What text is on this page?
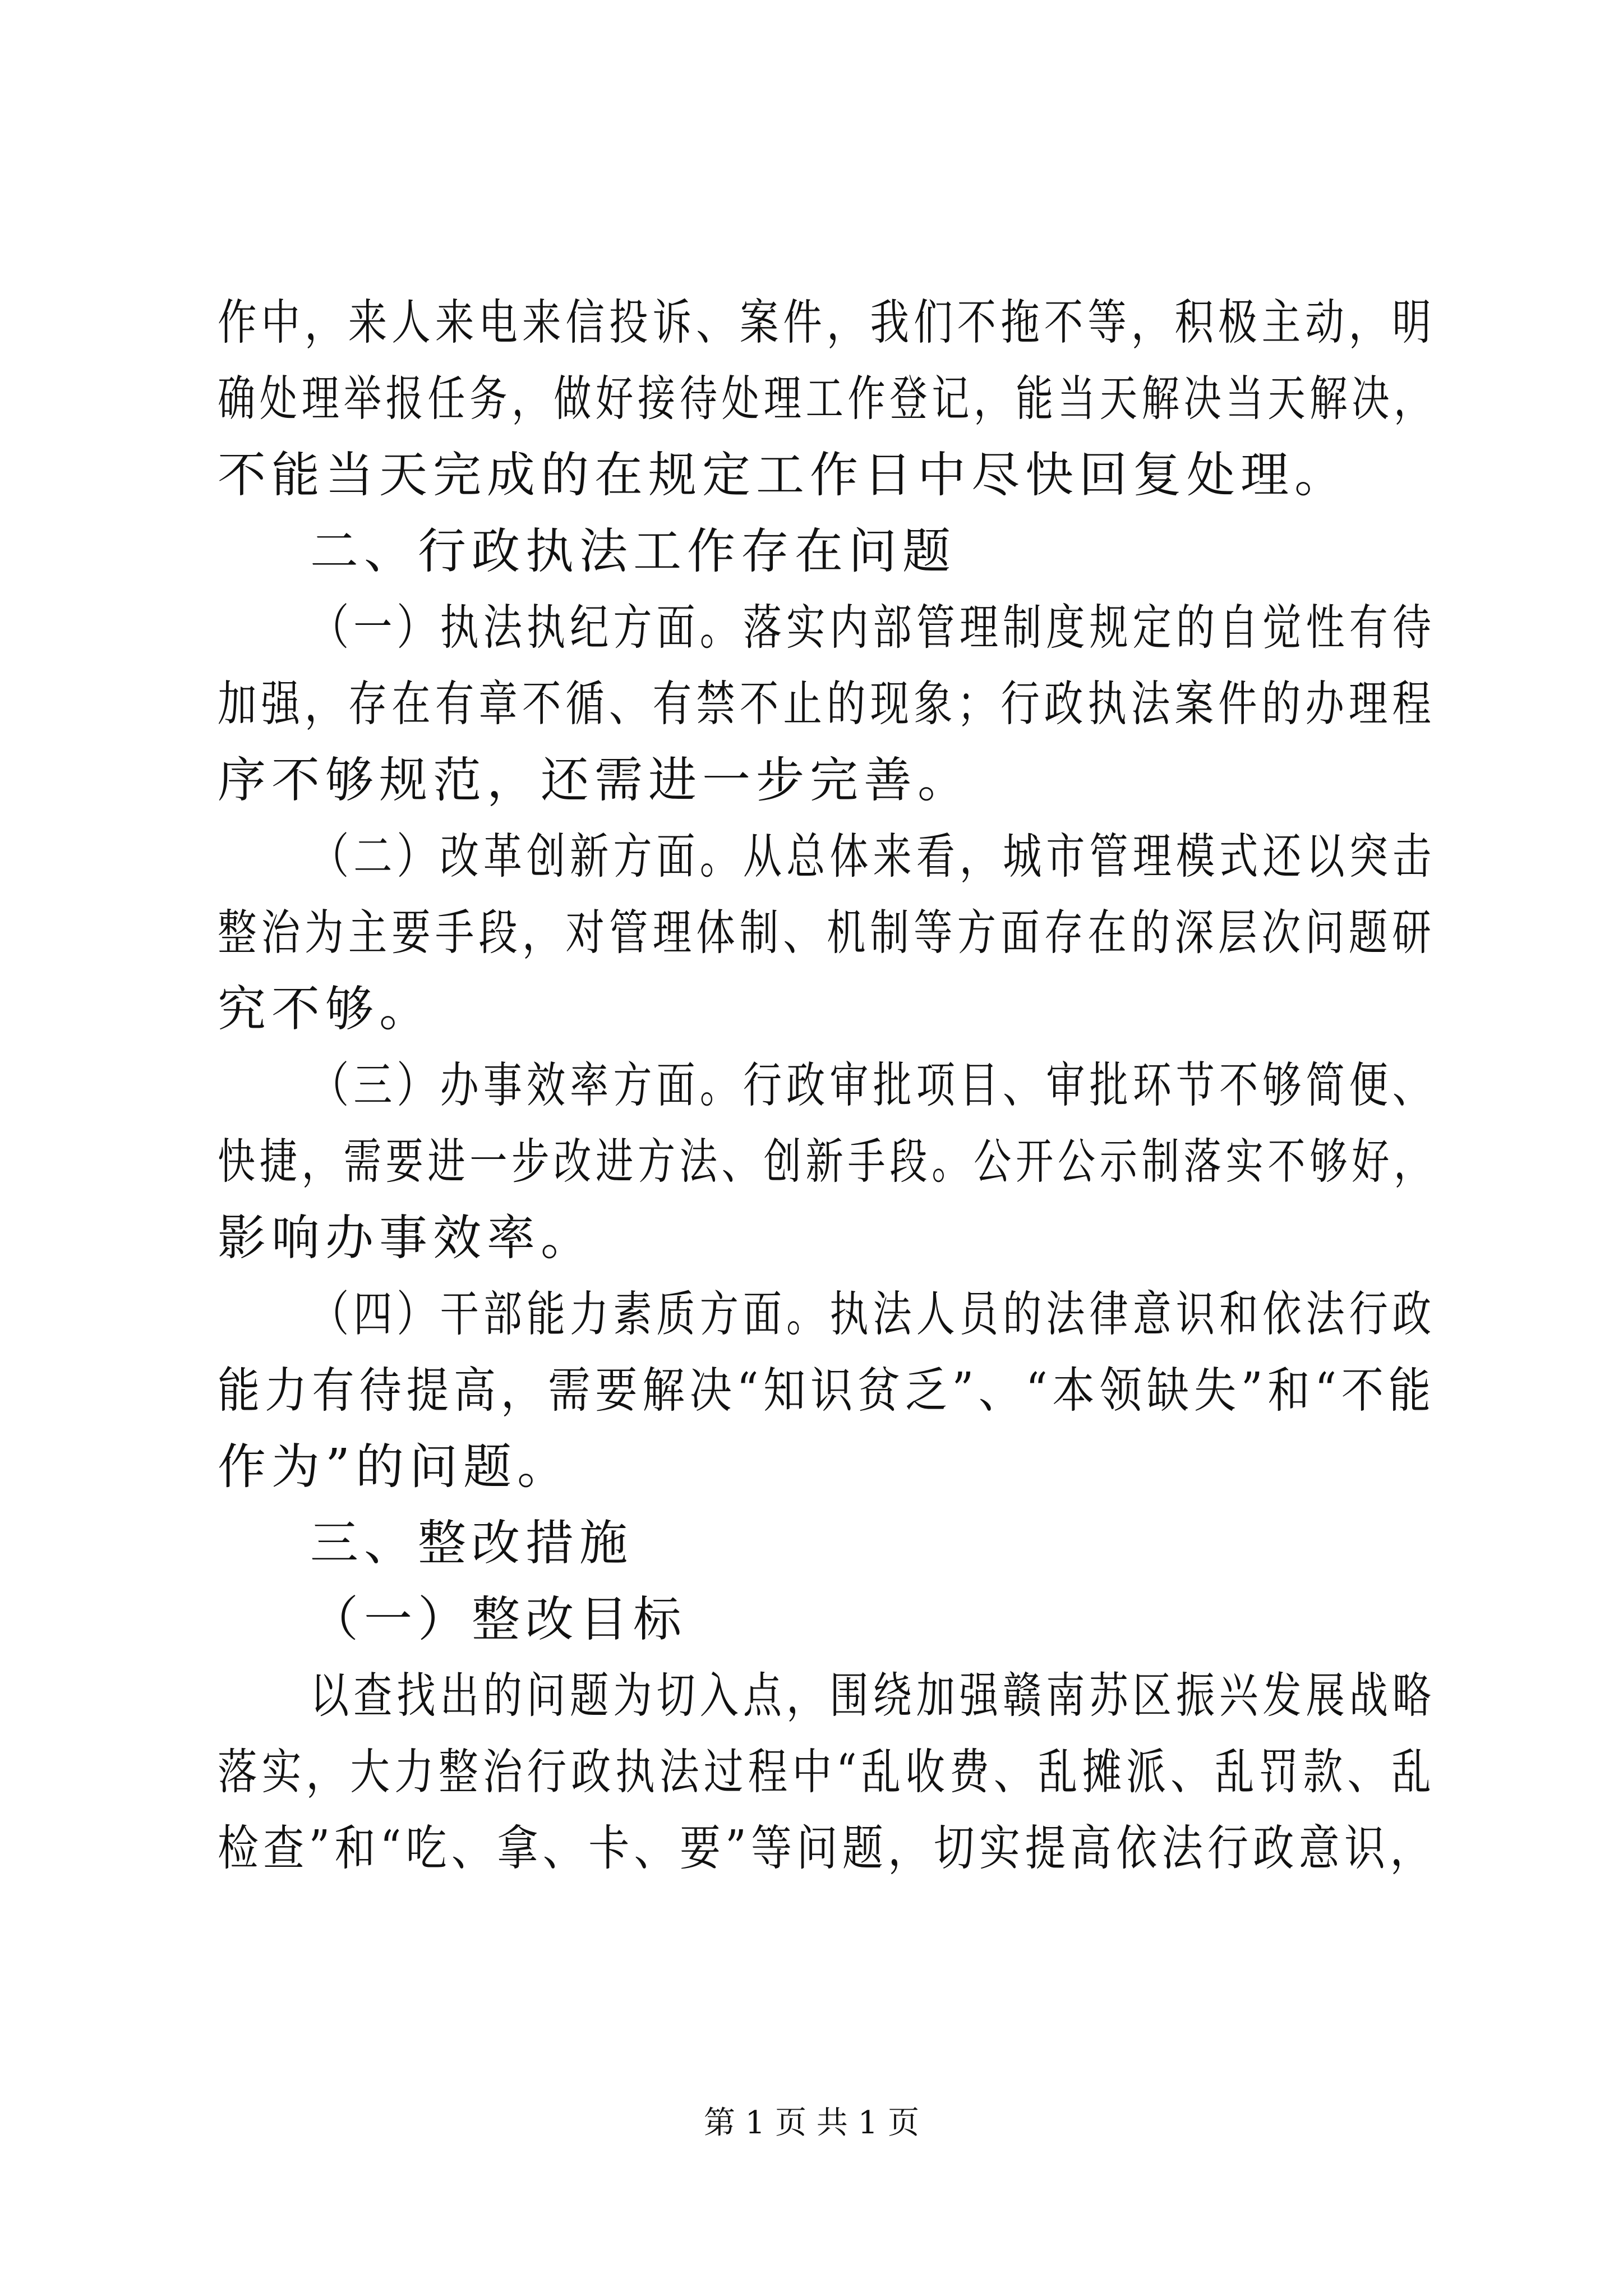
作中，来人来电来信投诉、案件，我们不拖不等，积极主动，明
确处理举报任务，做好接待处理工作登记，能当天解决当天解决，
不能当天完成的在规定工作日中尽快回复处理。
二、行政执法工作存在问题
（一）执法执纪方面。落实内部管理制度规定的自觉性有待
加强，存在有章不循、有禁不止的现象；行政执法案件的办理程
序不够规范，还需进一步完善。
（二）改革创新方面。从总体来看，城市管理模式还以突击
整治为主要手段，对管理体制、机制等方面存在的深层次问题研
究不够。
（三）办事效率方面。行政审批项目、审批环节不够简便、
快捷，需要进一步改进方法、创新手段。公开公示制落实不够好，
影响办事效率。
（四）干部能力素质方面。执法人员的法律意识和依法行政
能力有待提高，需要解决“知识贫乏”、“本领缺失”和“不能
作为”的问题。
三、整改措施
（一）整改目标
以查找出的问题为切入点，围绕加强赣南苏区振兴发展战略
落实，大力整治行政执法过程中“乱收费、乱摊派、乱罚款、乱
检查”和“吃、拿、卡、要”等问题，切实提高依法行政意识，
第 1 页 共 1 页
